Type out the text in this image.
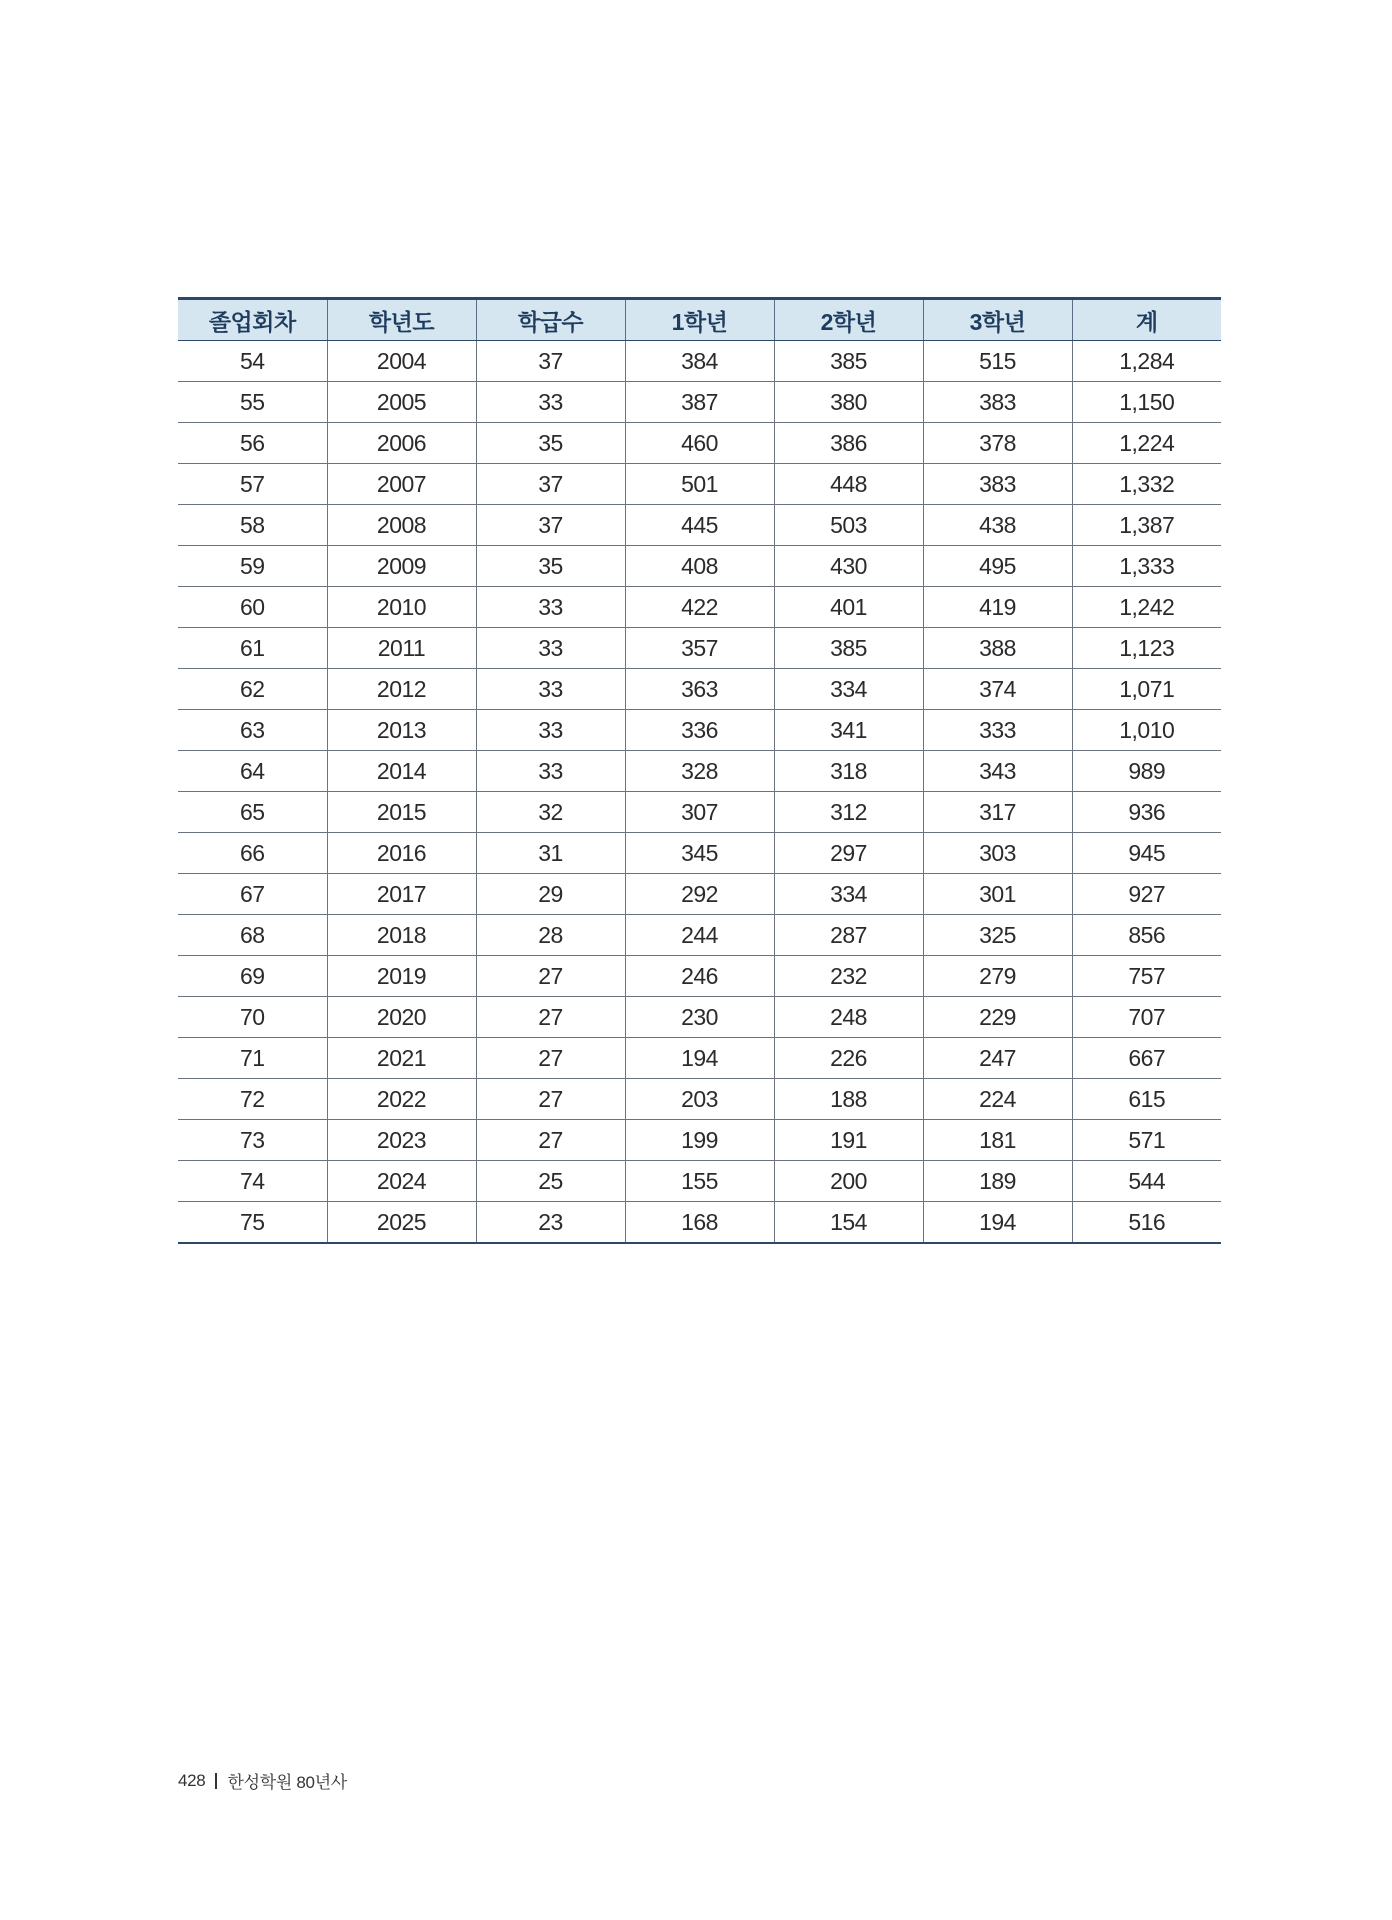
졸업회차	학년도	학급수	1학년	2학년	3학년	계
54	2004	37	384	385	515	1,284
55	2005	33	387	380	383	1,150
56	2006	35	460	386	378	1,224
57	2007	37	501	448	383	1,332
58	2008	37	445	503	438	1,387
59	2009	35	408	430	495	1,333
60	2010	33	422	401	419	1,242
61	2011	33	357	385	388	1,123
62	2012	33	363	334	374	1,071
63	2013	33	336	341	333	1,010
64	2014	33	328	318	343	989
65	2015	32	307	312	317	936
66	2016	31	345	297	303	945
67	2017	29	292	334	301	927
68	2018	28	244	287	325	856
69	2019	27	246	232	279	757
70	2020	27	230	248	229	707
71	2021	27	194	226	247	667
72	2022	27	203	188	224	615
73	2023	27	199	191	181	571
74	2024	25	155	200	189	544
75	2025	23	168	154	194	516
428 한성학원 80년사
